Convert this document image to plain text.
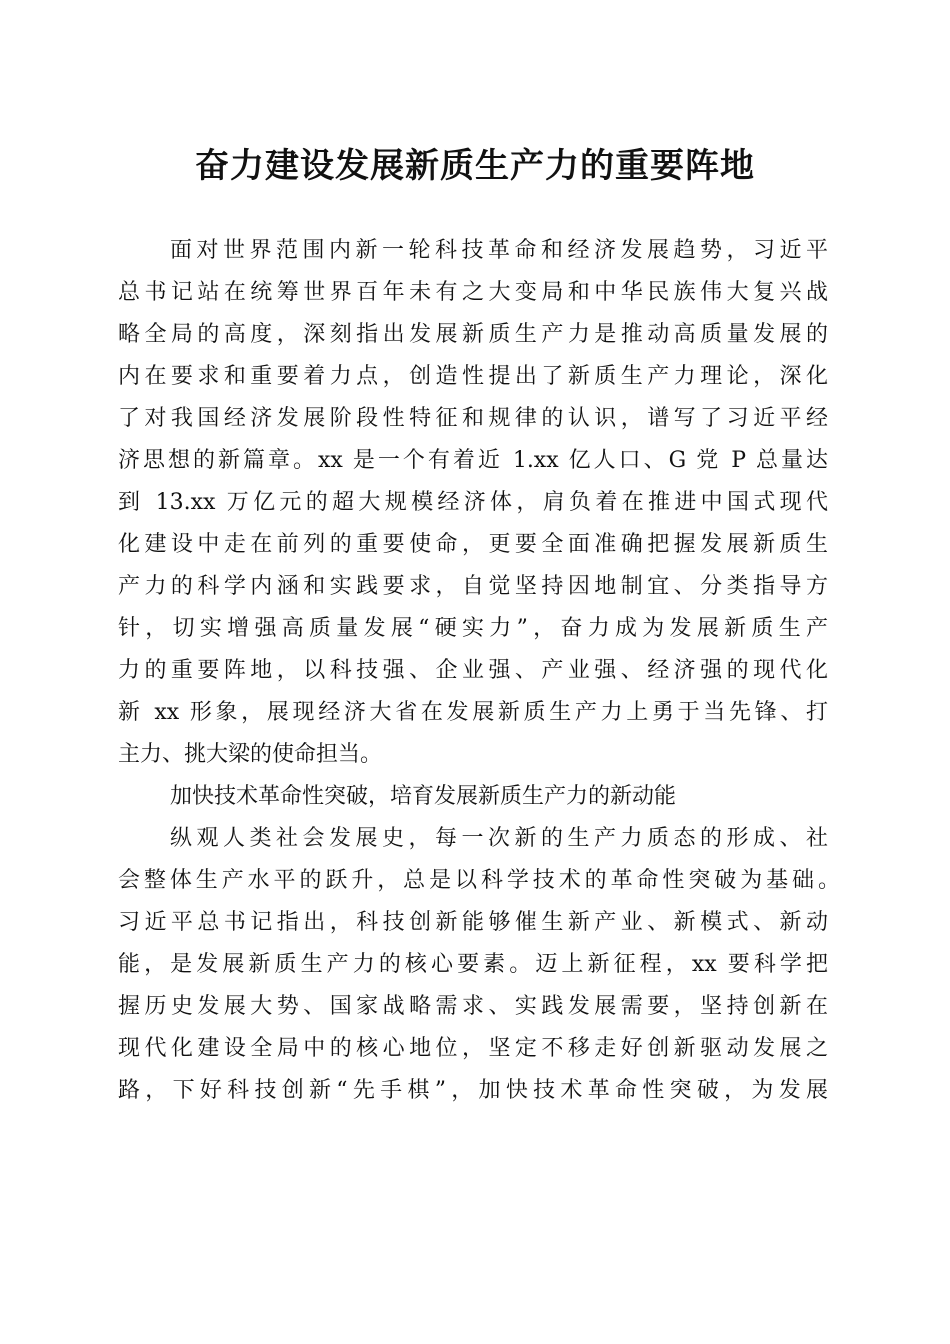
奋力建设发展新质生产力的重要阵地
面对世界范围内新一轮科技革命和经济发展趋势，习近平
总书记站在统筹世界百年未有之大变局和中华民族伟大复兴战
略全局的高度，深刻指出发展新质生产力是推动高质量发展的
内在要求和重要着力点，创造性提出了新质生产力理论，深化
了对我国经济发展阶段性特征和规律的认识，谱写了习近平经
济思想的新篇章。xx 是一个有着近 1.xx 亿人口、G 党 P 总量达
到 13.xx 万亿元的超大规模经济体，肩负着在推进中国式现代
化建设中走在前列的重要使命，更要全面准确把握发展新质生
产力的科学内涵和实践要求，自觉坚持因地制宜、分类指导方
针，切实增强高质量发展“硬实力”，奋力成为发展新质生产
力的重要阵地，以科技强、企业强、产业强、经济强的现代化
新 xx 形象，展现经济大省在发展新质生产力上勇于当先锋、打
主力、挑大梁的使命担当。
加快技术革命性突破，培育发展新质生产力的新动能
纵观人类社会发展史，每一次新的生产力质态的形成、社
会整体生产水平的跃升，总是以科学技术的革命性突破为基础。
习近平总书记指出，科技创新能够催生新产业、新模式、新动
能，是发展新质生产力的核心要素。迈上新征程，xx 要科学把
握历史发展大势、国家战略需求、实践发展需要，坚持创新在
现代化建设全局中的核心地位，坚定不移走好创新驱动发展之
路，下好科技创新“先手棋”，加快技术革命性突破，为发展
